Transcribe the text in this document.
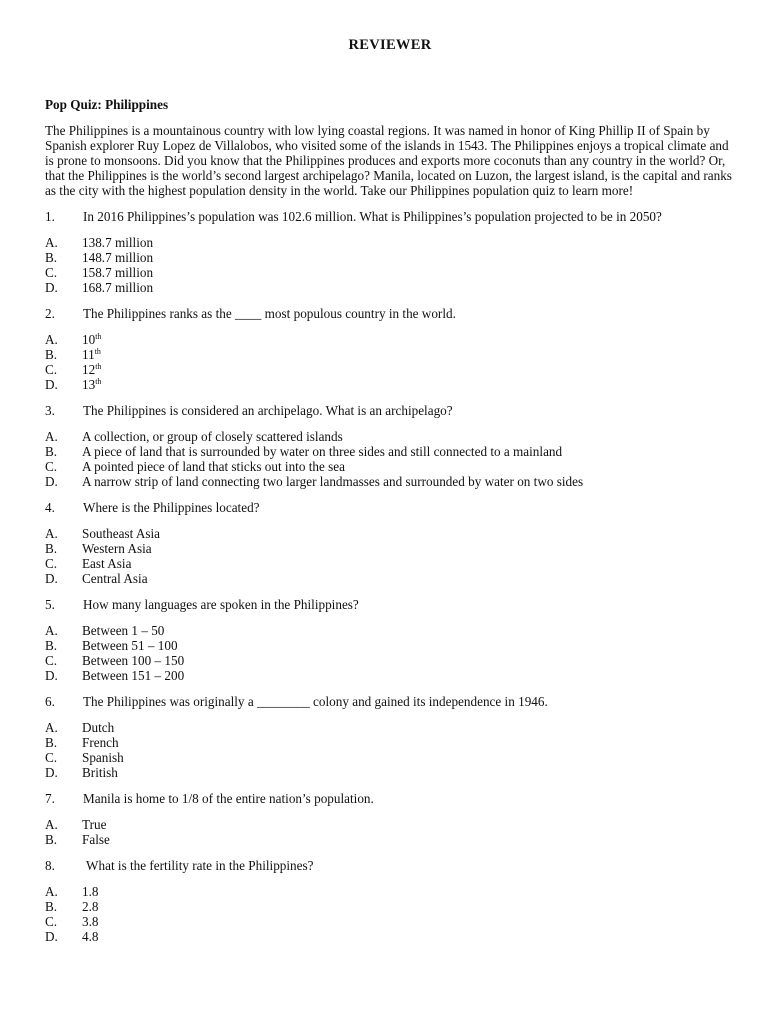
REVIEWER
Pop Quiz: Philippines
The Philippines is a mountainous country with low lying coastal regions. It was named in honor of King Phillip II of Spain by Spanish explorer Ruy Lopez de Villalobos, who visited some of the islands in 1543. The Philippines enjoys a tropical climate and is prone to monsoons. Did you know that the Philippines produces and exports more coconuts than any country in the world? Or, that the Philippines is the world’s second largest archipelago? Manila, located on Luzon, the largest island, is the capital and ranks as the city with the highest population density in the world. Take our Philippines population quiz to learn more!
1. In 2016 Philippines’s population was 102.6 million. What is Philippines’s population projected to be in 2050?
A.	138.7 million
B.	148.7 million
C.	158.7 million
D.	168.7 million
2. The Philippines ranks as the ____ most populous country in the world.
A.	10th
B.	11th
C.	12th
D.	13th
3. The Philippines is considered an archipelago. What is an archipelago?
A.	A collection, or group of closely scattered islands
B.	A piece of land that is surrounded by water on three sides and still connected to a mainland
C.	A pointed piece of land that sticks out into the sea
D.	A narrow strip of land connecting two larger landmasses and surrounded by water on two sides
4. Where is the Philippines located?
A.	Southeast Asia
B.	Western Asia
C.	East Asia
D.	Central Asia
5. How many languages are spoken in the Philippines?
A.	Between 1 – 50
B.	Between 51 – 100
C.	Between 100 – 150
D.	Between 151 – 200
6. The Philippines was originally a ________ colony and gained its independence in 1946.
A.	Dutch
B.	French
C.	Spanish
D.	British
7. Manila is home to 1/8 of the entire nation’s population.
A.	True
B.	False
8. What is the fertility rate in the Philippines?
A.	1.8
B.	2.8
C.	3.8
D.	4.8
